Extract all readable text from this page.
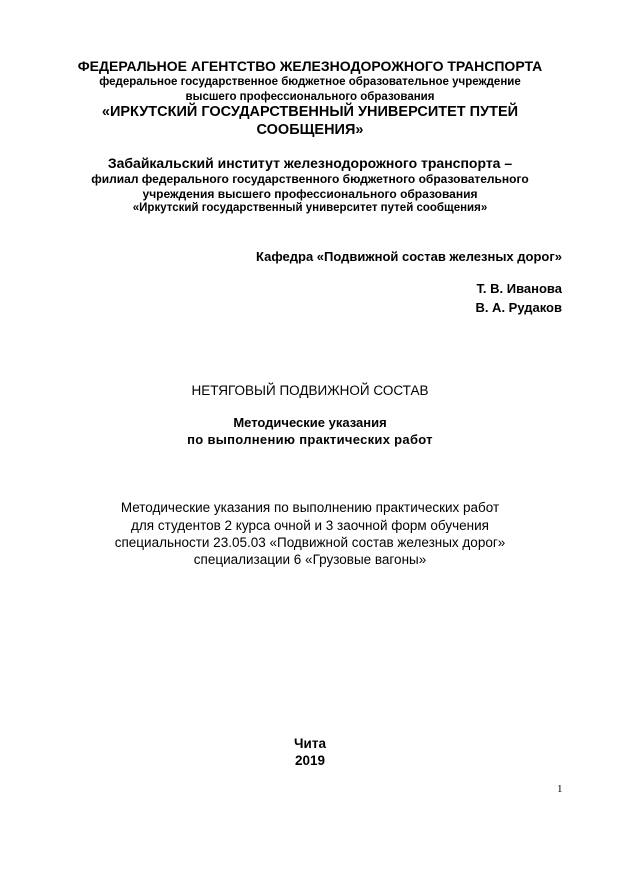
ФЕДЕРАЛЬНОЕ АГЕНТСТВО ЖЕЛЕЗНОДОРОЖНОГО ТРАНСПОРТА
федеральное государственное бюджетное образовательное учреждение
высшего профессионального образования
«ИРКУТСКИЙ ГОСУДАРСТВЕННЫЙ УНИВЕРСИТЕТ ПУТЕЙ
СООБЩЕНИЯ»
Забайкальский институт железнодорожного транспорта –
филиал федерального государственного бюджетного образовательного
учреждения высшего профессионального образования
«Иркутский государственный университет путей сообщения»
Кафедра «Подвижной состав железных дорог»
Т. В. Иванова
В. А. Рудаков
НЕТЯГОВЫЙ ПОДВИЖНОЙ СОСТАВ
Методические указания
по выполнению практических работ
Методические указания по выполнению практических работ
для студентов 2 курса очной и 3 заочной форм обучения
специальности 23.05.03 «Подвижной состав железных дорог»
специализации 6 «Грузовые вагоны»
Чита
2019
1
